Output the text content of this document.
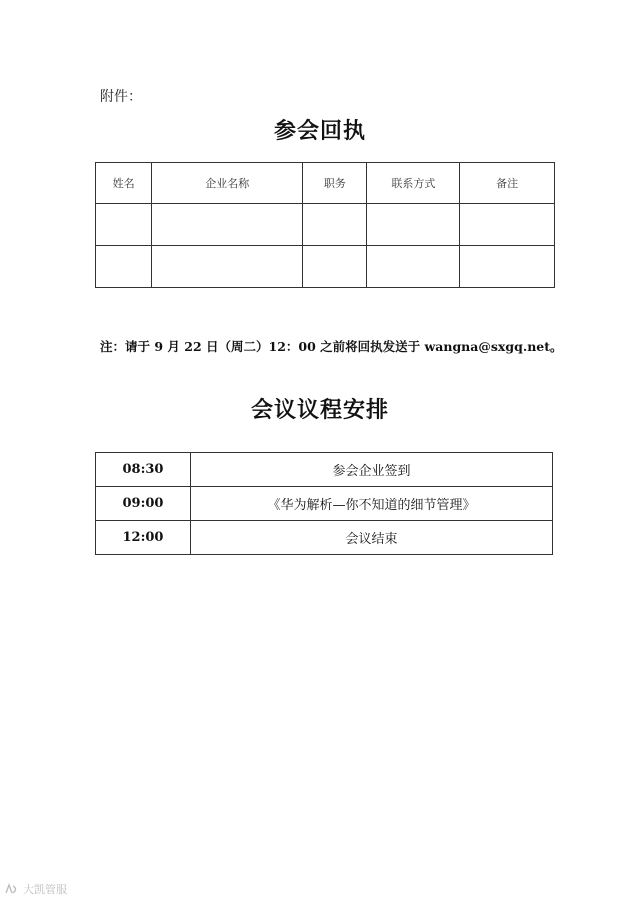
附件：
参会回执
姓名	企业名称	职务	联系方式	备注

注：请于 9 月 22 日（周二）12：00 之前将回执发送于 wangna@sxgq.net。
会议议程安排
08:30	参会企业签到
09:00	《华为解析—你不知道的细节管理》
12:00	会议结束
大凯管服
